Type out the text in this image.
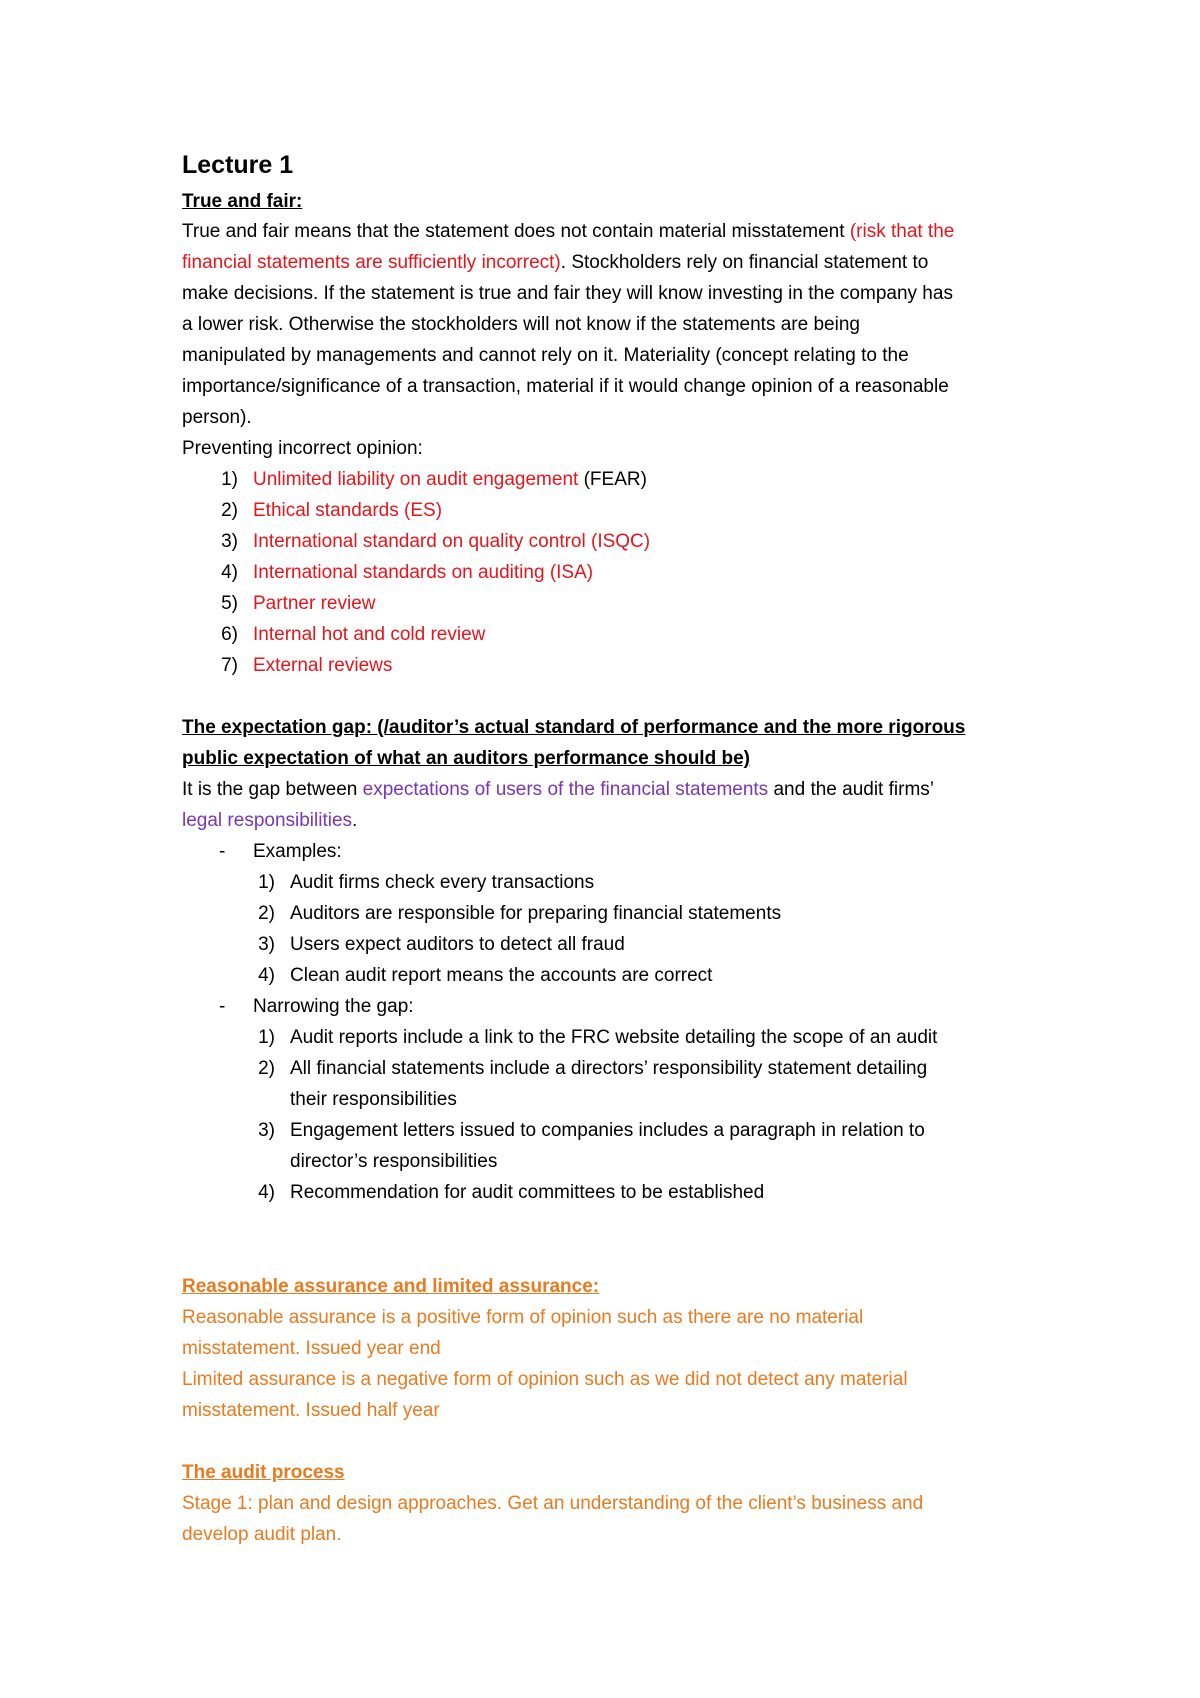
Lecture 1
True and fair:
True and fair means that the statement does not contain material misstatement (risk that the
financial statements are sufficiently incorrect). Stockholders rely on financial statement to
make decisions. If the statement is true and fair they will know investing in the company has
a lower risk. Otherwise the stockholders will not know if the statements are being
manipulated by managements and cannot rely on it. Materiality (concept relating to the
importance/significance of a transaction, material if it would change opinion of a reasonable
person).
Preventing incorrect opinion:
1) Unlimited liability on audit engagement (FEAR)
2) Ethical standards (ES)
3) International standard on quality control (ISQC)
4) International standards on auditing (ISA)
5) Partner review
6) Internal hot and cold review
7) External reviews
The expectation gap: (/auditor’s actual standard of performance and the more rigorous
public expectation of what an auditors performance should be)
It is the gap between expectations of users of the financial statements and the audit firms’
legal responsibilities.
- Examples:
1) Audit firms check every transactions
2) Auditors are responsible for preparing financial statements
3) Users expect auditors to detect all fraud
4) Clean audit report means the accounts are correct
- Narrowing the gap:
1) Audit reports include a link to the FRC website detailing the scope of an audit
2) All financial statements include a directors’ responsibility statement detailing
their responsibilities
3) Engagement letters issued to companies includes a paragraph in relation to
director’s responsibilities
4) Recommendation for audit committees to be established
Reasonable assurance and limited assurance:
Reasonable assurance is a positive form of opinion such as there are no material
misstatement. Issued year end
Limited assurance is a negative form of opinion such as we did not detect any material
misstatement. Issued half year
The audit process
Stage 1: plan and design approaches. Get an understanding of the client’s business and
develop audit plan.
